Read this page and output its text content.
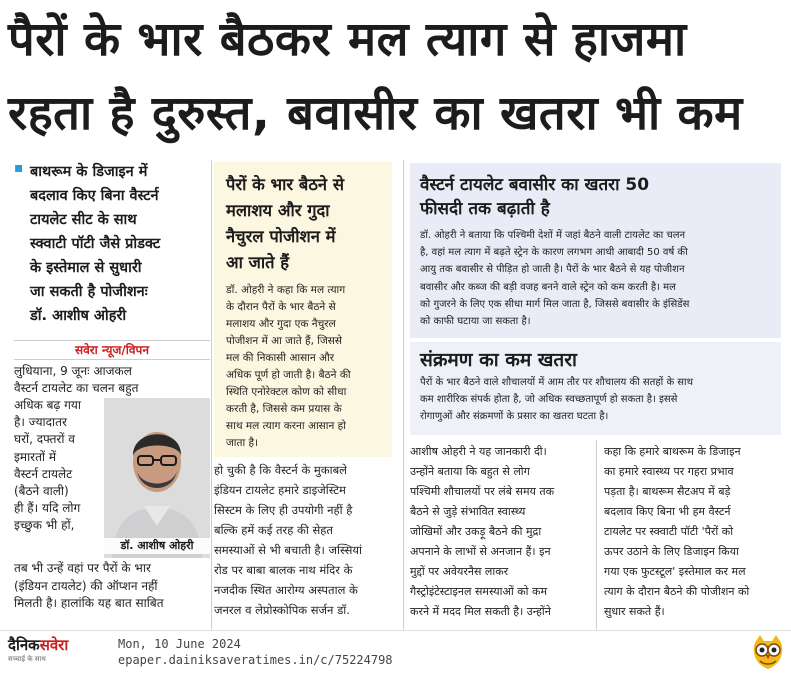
पैरों के भार बैठकर मल त्याग से हाजमा
रहता है दुरुस्त, बवासीर का खतरा भी कम
▪ बाथरूम के डिजाइन में
बदलाव किए बिना वैस्टर्न
टायलेट सीट के साथ
स्क्वाटी पॉटी जैसे प्रोडक्ट
के इस्तेमाल से सुधारी
जा सकती है पोजीशनः
डॉ. आशीष ओहरी
सवेरा न्यूज/विपन
लुधियाना, 9 जूनः आजकल
वैस्टर्न टायलेट का चलन बहुत
अधिक बढ़ गया
है। ज्यादातर
घरों, दफ्तरों व
इमारतों में
वैस्टर्न टायलेट
(बैठने वाली)
ही हैं। यदि लोग
इच्छुक भी हों,
डॉ. आशीष ओहरी
तब भी उन्हें वहां पर पैरों के भार
(इंडियन टायलेट) की ऑप्शन नहीं
मिलती है। हालांकि यह बात साबित
पैरों के भार बैठने से
मलाशय और गुदा
नैचुरल पोजीशन में
आ जाते हैं
डॉ. ओहरी ने कहा कि मल त्याग
के दौरान पैरों के भार बैठने से
मलाशय और गुदा एक नैचुरल
पोजीशन में आ जाते हैं, जिससे
मल की निकासी आसान और
अधिक पूर्ण हो जाती है। बैठने की
स्थिति एनोरेक्टल कोण को सीधा
करती है, जिससे कम प्रयास के
साथ मल त्याग करना आसान हो
जाता है।
हो चुकी है कि वैस्टर्न के मुकाबले
इंडियन टायलेट हमारे डाइजेस्टिम
सिस्टम के लिए ही उपयोगी नहीं है
बल्कि हमें कई तरह की सेहत
समस्याओं से भी बचाती है। जस्सियां
रोड पर बाबा बालक नाथ मंदिर के
नजदीक स्थित आरोग्य अस्पताल के
जनरल व लेप्रोस्कोपिक सर्जन डॉ.
वैस्टर्न टायलेट बवासीर का खतरा 50
फीसदी तक बढ़ाती है
डॉ. ओहरी ने बताया कि पश्चिमी देशों में जहां बैठने वाली टायलेट का चलन
है, वहां मल त्याग में बढ़ते स्ट्रेन के कारण लगभग आधी आबादी 50 वर्ष की
आयु तक बवासीर से पीड़ित हो जाती है। पैरों के भार बैठने से यह पोजीशन
बवासीर और कब्ज की बड़ी वजह बनने वाले स्ट्रेन को कम करती है। मल
को गुजरने के लिए एक सीधा मार्ग मिल जाता है, जिससे बवासीर के इंसिडेंस
को काफी घटाया जा सकता है।
संक्रमण का कम खतरा
पैरों के भार बैठने वाले शौचालयों में आम तौर पर शौचालय की सतहों के साथ
कम शारीरिक संपर्क होता है, जो अधिक स्वच्छतापूर्ण हो सकता है। इससे
रोगाणुओं और संक्रमणों के प्रसार का खतरा घटता है।
आशीष ओहरी ने यह जानकारी दी।
उन्होंने बताया कि बहुत से लोग
पश्चिमी शौचालयों पर लंबे समय तक
बैठने से जुड़े संभावित स्वास्थ्य
जोखिमों और उकड़ू बैठने की मुद्रा
अपनाने के लाभों से अनजान हैं। इन
मुद्दों पर अवेयरनैस लाकर
गैस्ट्रोइंटेस्टाइनल समस्याओं को कम
करने में मदद मिल सकती है। उन्होंने
कहा कि हमारे बाथरूम के डिजाइन
का हमारे स्वास्थ्य पर गहरा प्रभाव
पड़ता है। बाथरूम सैटअप में बड़े
बदलाव किए बिना भी हम वैस्टर्न
टायलेट पर स्क्वाटी पॉटी 'पैरों को
ऊपर उठाने के लिए डिजाइन किया
गया एक फुटस्टूल' इस्तेमाल कर मल
त्याग के दौरान बैठने की पोजीशन को
सुधार सकते हैं।
दैनिकसवेरा
सच्चाई के साथ
Mon, 10 June 2024
epaper.dainiksaveratimes.in/c/75224798
